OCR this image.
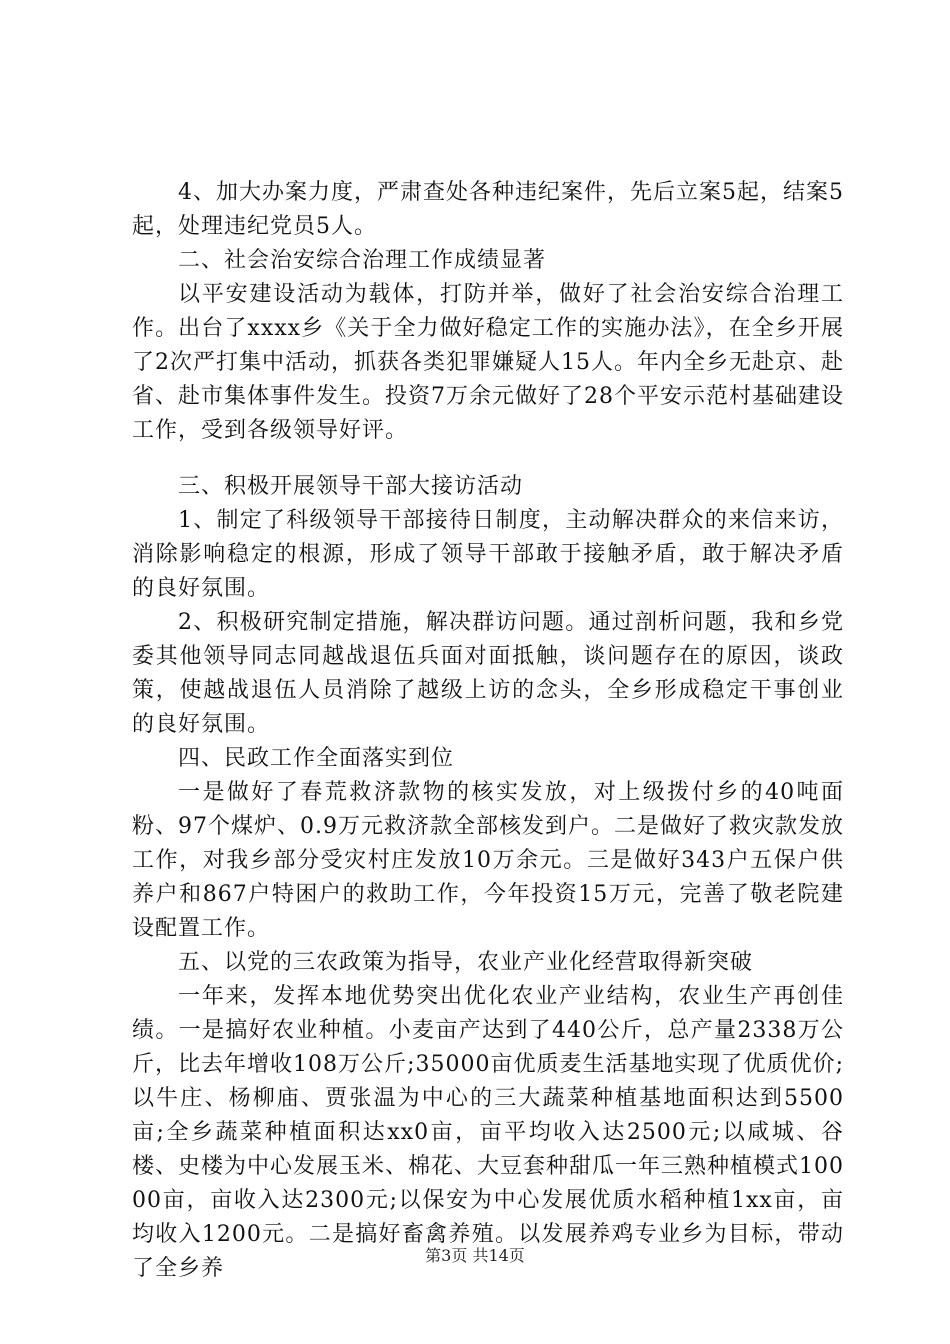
4、加大办案力度，严肃查处各种违纪案件，先后立案5起，结案5起，处理违纪党员5人。

二、社会治安综合治理工作成绩显著

以平安建设活动为载体，打防并举，做好了社会治安综合治理工作。出台了xxxx乡《关于全力做好稳定工作的实施办法》，在全乡开展了2次严打集中活动，抓获各类犯罪嫌疑人15人。年内全乡无赴京、赴省、赴市集体事件发生。投资7万余元做好了28个平安示范村基础建设工作，受到各级领导好评。

三、积极开展领导干部大接访活动

1、制定了科级领导干部接待日制度，主动解决群众的来信来访，消除影响稳定的根源，形成了领导干部敢于接触矛盾，敢于解决矛盾的良好氛围。

2、积极研究制定措施，解决群访问题。通过剖析问题，我和乡党委其他领导同志同越战退伍兵面对面抵触，谈问题存在的原因，谈政策，使越战退伍人员消除了越级上访的念头，全乡形成稳定干事创业的良好氛围。

四、民政工作全面落实到位

一是做好了春荒救济款物的核实发放，对上级拨付乡的40吨面粉、97个煤炉、0.9万元救济款全部核发到户。二是做好了救灾款发放工作，对我乡部分受灾村庄发放10万余元。三是做好343户五保户供养户和867户特困户的救助工作，今年投资15万元，完善了敬老院建设配置工作。

五、以党的三农政策为指导，农业产业化经营取得新突破

一年来，发挥本地优势突出优化农业产业结构，农业生产再创佳绩。一是搞好农业种植。小麦亩产达到了440公斤，总产量2338万公斤，比去年增收108万公斤;35000亩优质麦生活基地实现了优质优价;以牛庄、杨柳庙、贾张温为中心的三大蔬菜种植基地面积达到5500亩;全乡蔬菜种植面积达xx0亩，亩平均收入达2500元;以咸城、谷楼、史楼为中心发展玉米、棉花、大豆套种甜瓜一年三熟种植模式10000亩，亩收入达2300元;以保安为中心发展优质水稻种植1xx亩，亩均收入1200元。二是搞好畜禽养殖。以发展养鸡专业乡为目标，带动了全乡养

第3页 共14页
